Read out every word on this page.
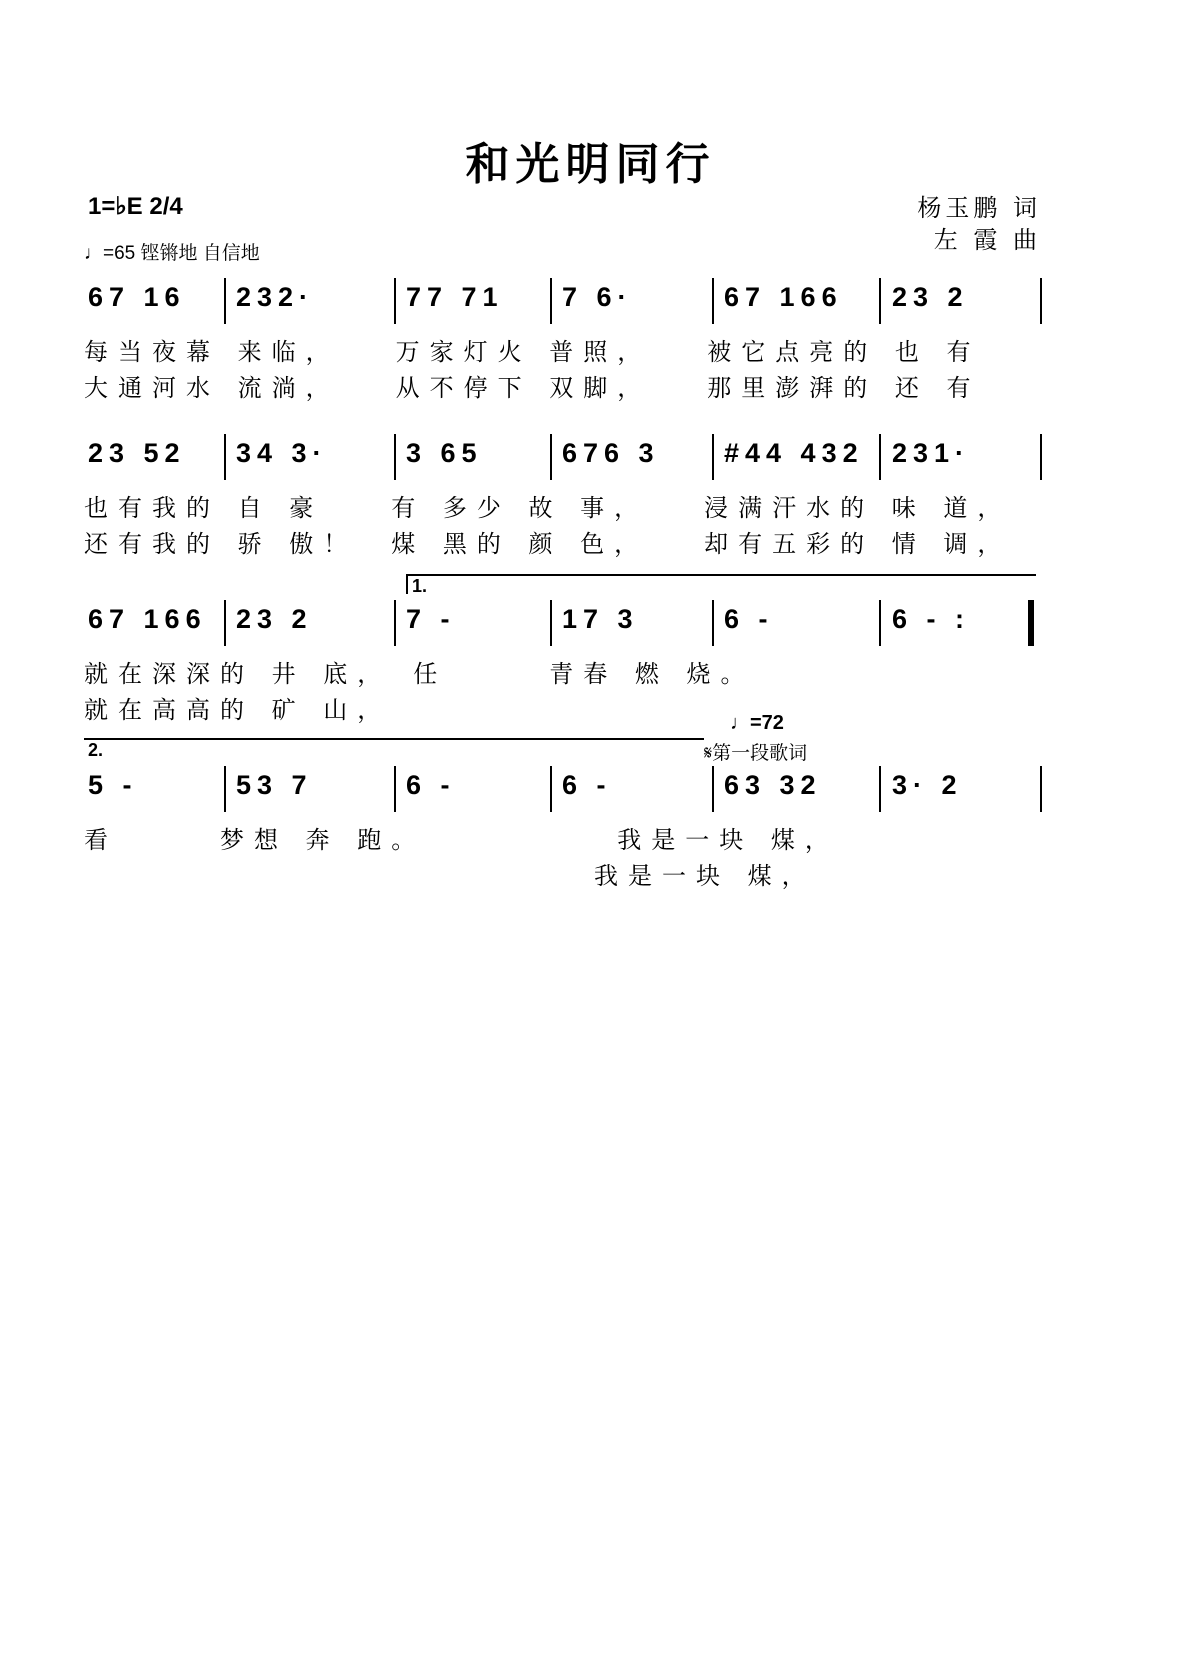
和光明同行
1=♭E 2/4
♩=65 铿锵地 自信地
杨玉鹏 词
左 霞 曲
67 16 232·	77 71 7 6·	67 166 23 2
每当夜幕 来临，　　万家灯火 普照，　　被它点亮的 也 有
大通河水 流淌，　　从不停下 双脚，　　那里澎湃的 还 有
23 52 34 3·	3 65	676 3 #44 432 231·
也有我的 自 豪　　有 多少 故 事，　　浸满汗水的 味 道，
还有我的 骄 傲！　煤 黑的 颜 色，　　却有五彩的 情 调，
1.
67 166 23 2	7 -	17 3	6 -	6 - :
就在深深的 井 底，　任　　　青春 燃 烧。
就在高高的 矿 山，
2.
♩=72
𝄋第一段歌词
5 -	53 7	6 -	6 -	63 32	3· 2
看　　　梦想 奔 跑。　　　　　　我是一块 煤，
　　　　　　　　　　　　　　　我是一块 煤，
